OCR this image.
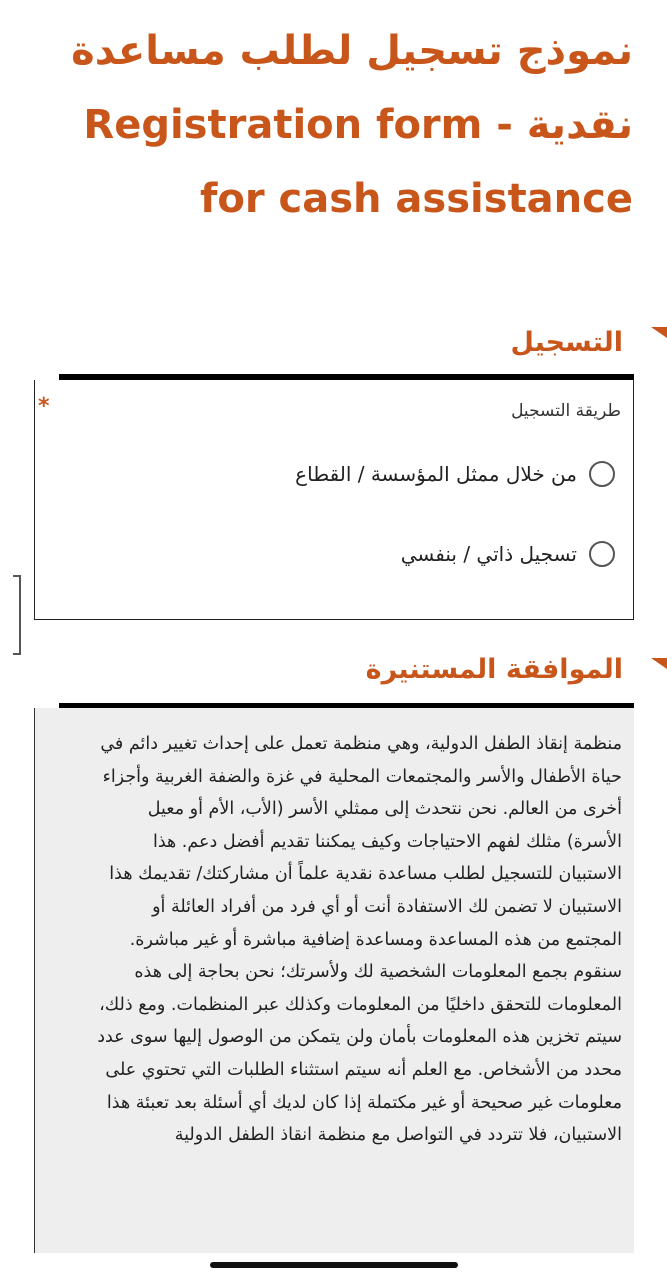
نموذج تسجيل لطلب مساعدة نقدية - Registration form for cash assistance
التسجيل
*	طريقة التسجيل
من خلال ممثل المؤسسة / القطاع
تسجيل ذاتي / بنفسي
الموافقة المستنيرة
منظمة إنقاذ الطفل الدولية، وهي منظمة تعمل على إحداث تغيير دائم في حياة الأطفال والأسر والمجتمعات المحلية في غزة والضفة الغربية وأجزاء أخرى من العالم. نحن نتحدث إلى ممثلي الأسر (الأب، الأم أو معيل الأسرة) مثلك لفهم الاحتياجات وكيف يمكننا تقديم أفضل دعم. هذا الاستبيان للتسجيل لطلب مساعدة نقدية علماً أن مشاركتك/ تقديمك هذا الاستبيان لا تضمن لك الاستفادة أنت أو أي فرد من أفراد العائلة أو المجتمع من هذه المساعدة ومساعدة إضافية مباشرة أو غير مباشرة. سنقوم بجمع المعلومات الشخصية لك ولأسرتك؛ نحن بحاجة إلى هذه المعلومات للتحقق داخليًا من المعلومات وكذلك عبر المنظمات. ومع ذلك، سيتم تخزين هذه المعلومات بأمان ولن يتمكن من الوصول إليها سوى عدد محدد من الأشخاص. مع العلم أنه سيتم استثناء الطلبات التي تحتوي على معلومات غير صحيحة أو غير مكتملة إذا كان لديك أي أسئلة بعد تعبئة هذا الاستبيان، فلا تتردد في التواصل مع منظمة انقاذ الطفل الدولية
